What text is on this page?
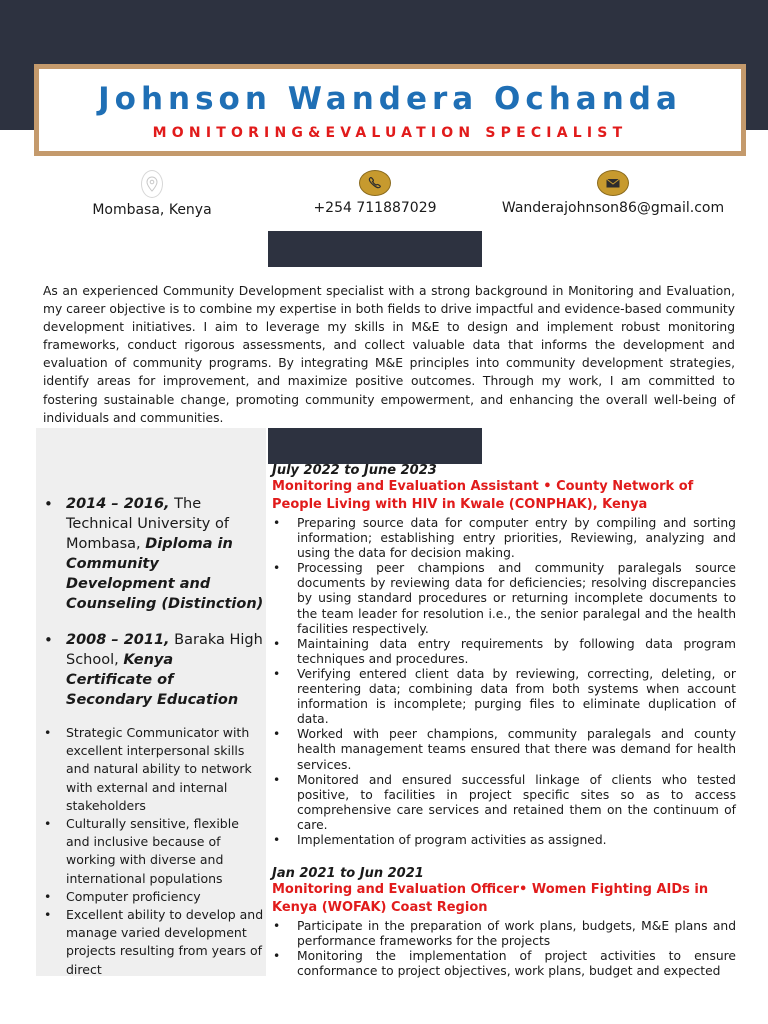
Johnson Wandera Ochanda
MONITORING&EVALUATION SPECIALIST
Mombasa, Kenya	+254 711887029	Wanderajohnson86@gmail.com
As an experienced Community Development specialist with a strong background in Monitoring and Evaluation, my career objective is to combine my expertise in both fields to drive impactful and evidence-based community development initiatives. I aim to leverage my skills in M&E to design and implement robust monitoring frameworks, conduct rigorous assessments, and collect valuable data that informs the development and evaluation of community programs. By integrating M&E principles into community development strategies, identify areas for improvement, and maximize positive outcomes. Through my work, I am committed to fostering sustainable change, promoting community empowerment, and enhancing the overall well-being of individuals and communities.
• 2014 – 2016, The Technical University of Mombasa, Diploma in Community Development and Counseling (Distinction)
• 2008 – 2011, Baraka High School, Kenya Certificate of Secondary Education
• Strategic Communicator with excellent interpersonal skills and natural ability to network with external and internal stakeholders
• Culturally sensitive, flexible and inclusive because of working with diverse and international populations
• Computer proficiency
• Excellent ability to develop and manage varied development projects resulting from years of direct
July 2022 to June 2023
Monitoring and Evaluation Assistant • County Network of People Living with HIV in Kwale (CONPHAK), Kenya
• Preparing source data for computer entry by compiling and sorting information; establishing entry priorities, Reviewing, analyzing and using the data for decision making.
• Processing peer champions and community paralegals source documents by reviewing data for deficiencies; resolving discrepancies by using standard procedures or returning incomplete documents to the team leader for resolution i.e., the senior paralegal and the health facilities respectively.
• Maintaining data entry requirements by following data program techniques and procedures.
• Verifying entered client data by reviewing, correcting, deleting, or reentering data; combining data from both systems when account information is incomplete; purging files to eliminate duplication of data.
• Worked with peer champions, community paralegals and county health management teams ensured that there was demand for health services.
• Monitored and ensured successful linkage of clients who tested positive, to facilities in project specific sites so as to access comprehensive care services and retained them on the continuum of care.
• Implementation of program activities as assigned.
Jan 2021 to Jun 2021
Monitoring and Evaluation Officer• Women Fighting AIDs in Kenya (WOFAK) Coast Region
• Participate in the preparation of work plans, budgets, M&E plans and performance frameworks for the projects
• Monitoring the implementation of project activities to ensure conformance to project objectives, work plans, budget and expected
